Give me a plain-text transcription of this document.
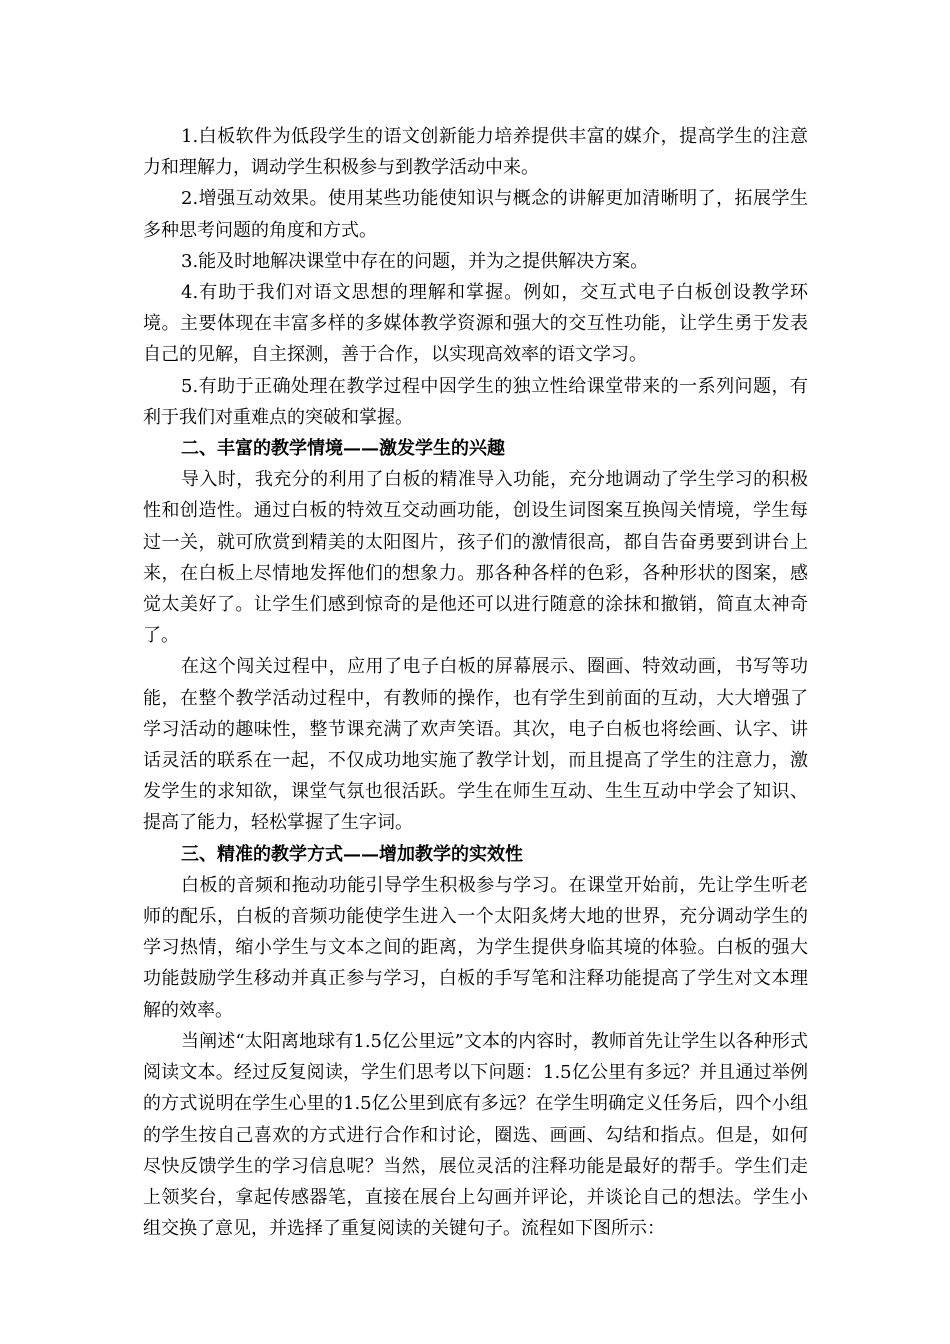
1.白板软件为低段学生的语文创新能力培养提供丰富的媒介，提高学生的注意力和理解力，调动学生积极参与到教学活动中来。

2.增强互动效果。使用某些功能使知识与概念的讲解更加清晰明了，拓展学生多种思考问题的角度和方式。

3.能及时地解决课堂中存在的问题，并为之提供解决方案。

4.有助于我们对语文思想的理解和掌握。例如，交互式电子白板创设教学环境。主要体现在丰富多样的多媒体教学资源和强大的交互性功能，让学生勇于发表自己的见解，自主探测，善于合作，以实现高效率的语文学习。

5.有助于正确处理在教学过程中因学生的独立性给课堂带来的一系列问题，有利于我们对重难点的突破和掌握。

二、丰富的教学情境——激发学生的兴趣

导入时，我充分的利用了白板的精准导入功能，充分地调动了学生学习的积极性和创造性。通过白板的特效互交动画功能，创设生词图案互换闯关情境，学生每过一关，就可欣赏到精美的太阳图片，孩子们的激情很高，都自告奋勇要到讲台上来，在白板上尽情地发挥他们的想象力。那各种各样的色彩，各种形状的图案，感觉太美好了。让学生们感到惊奇的是他还可以进行随意的涂抹和撤销，简直太神奇了。

在这个闯关过程中，应用了电子白板的屏幕展示、圈画、特效动画，书写等功能，在整个教学活动过程中，有教师的操作，也有学生到前面的互动，大大增强了学习活动的趣味性，整节课充满了欢声笑语。其次，电子白板也将绘画、认字、讲话灵活的联系在一起，不仅成功地实施了教学计划，而且提高了学生的注意力，激发学生的求知欲，课堂气氛也很活跃。学生在师生互动、生生互动中学会了知识、提高了能力，轻松掌握了生字词。

三、精准的教学方式——增加教学的实效性

白板的音频和拖动功能引导学生积极参与学习。在课堂开始前，先让学生听老师的配乐，白板的音频功能使学生进入一个太阳炙烤大地的世界，充分调动学生的学习热情，缩小学生与文本之间的距离，为学生提供身临其境的体验。白板的强大功能鼓励学生移动并真正参与学习，白板的手写笔和注释功能提高了学生对文本理解的效率。

当阐述“太阳离地球有1.5亿公里远”文本的内容时，教师首先让学生以各种形式阅读文本。经过反复阅读，学生们思考以下问题：1.5亿公里有多远？并且通过举例的方式说明在学生心里的1.5亿公里到底有多远？在学生明确定义任务后，四个小组的学生按自己喜欢的方式进行合作和讨论，圈选、画画、勾结和指点。但是，如何尽快反馈学生的学习信息呢？当然，展位灵活的注释功能是最好的帮手。学生们走上领奖台，拿起传感器笔，直接在展台上勾画并评论，并谈论自己的想法。学生小组交换了意见，并选择了重复阅读的关键句子。流程如下图所示：
